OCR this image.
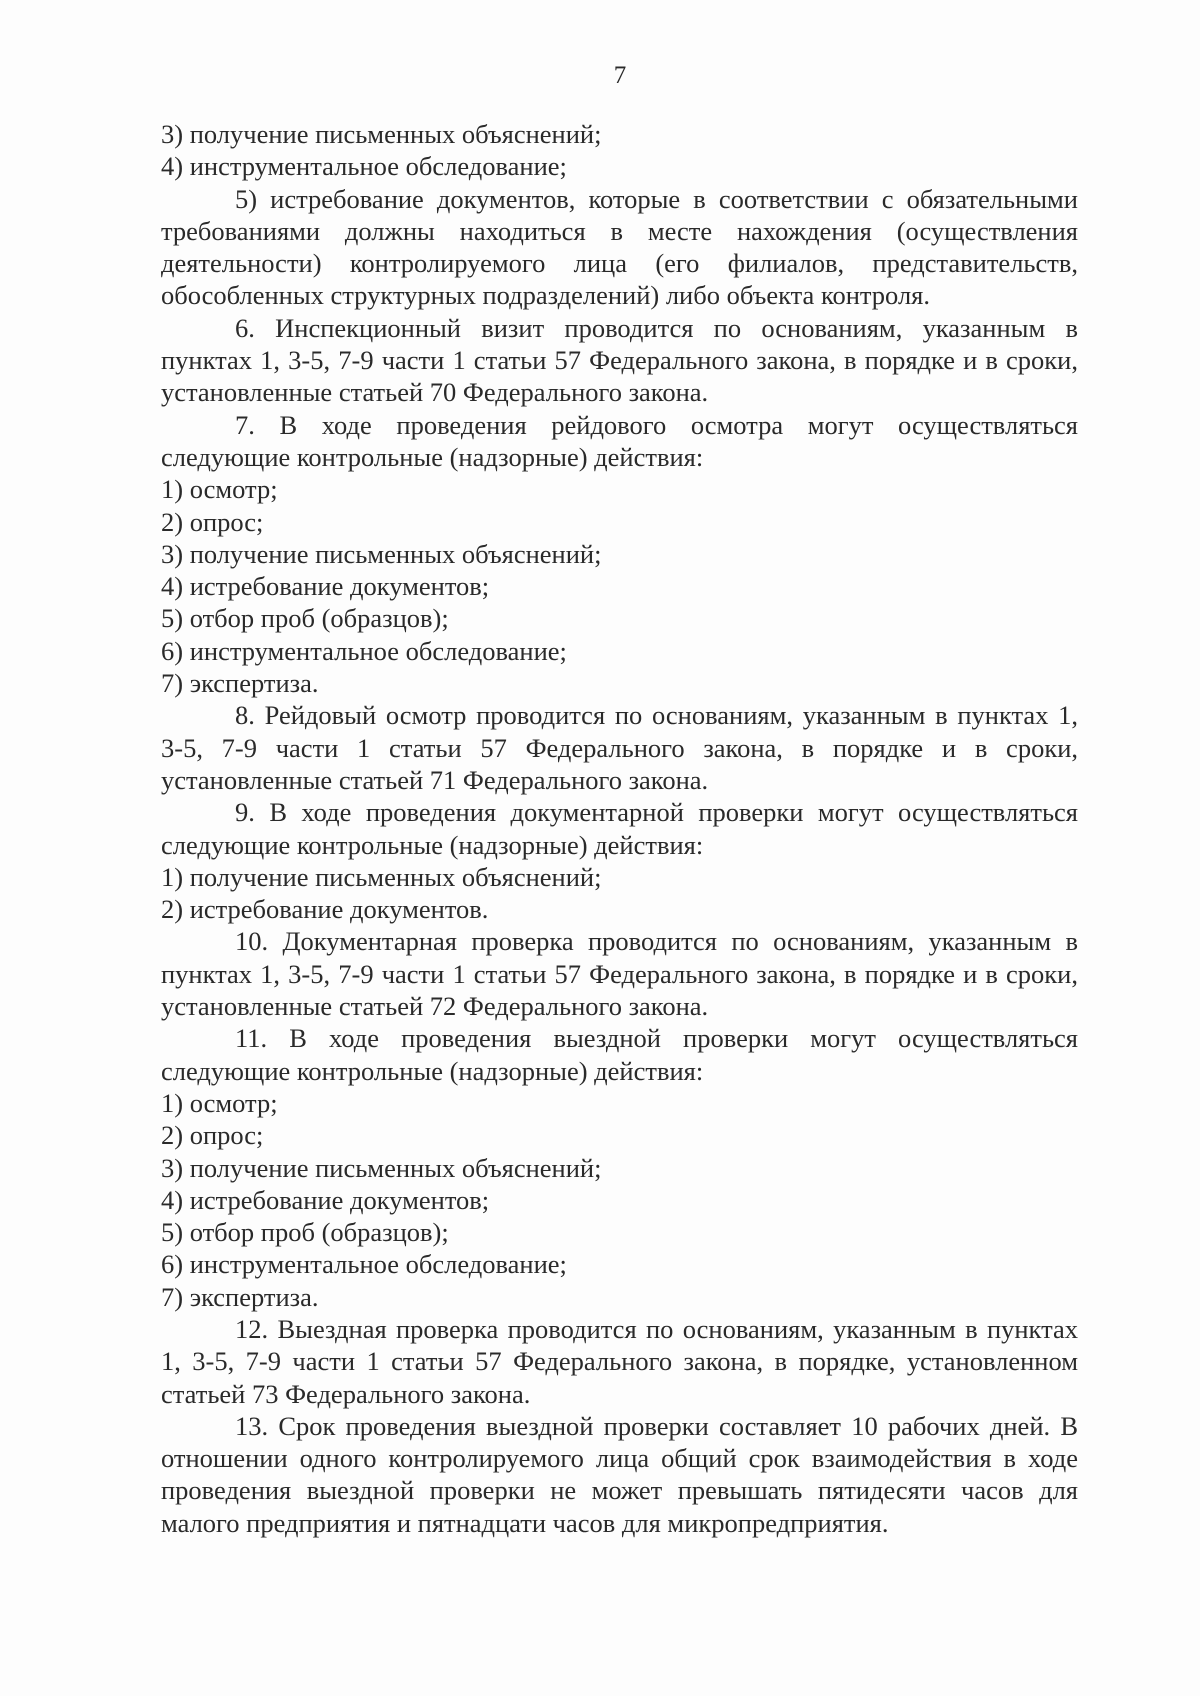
7

3) получение письменных объяснений;

4) инструментальное обследование;

5) истребование документов, которые в соответствии с обязательными требованиями должны находиться в месте нахождения (осуществления деятельности) контролируемого лица (его филиалов, представительств, обособленных структурных подразделений) либо объекта контроля.

6. Инспекционный визит проводится по основаниям, указанным в пунктах 1, 3-5, 7-9 части 1 статьи 57 Федерального закона, в порядке и в сроки, установленные статьей 70 Федерального закона.

7. В ходе проведения рейдового осмотра могут осуществляться следующие контрольные (надзорные) действия:

1) осмотр;

2) опрос;

3) получение письменных объяснений;

4) истребование документов;

5) отбор проб (образцов);

6) инструментальное обследование;

7) экспертиза.

8. Рейдовый осмотр проводится по основаниям, указанным в пунктах 1, 3-5, 7-9 части 1 статьи 57 Федерального закона, в порядке и в сроки, установленные статьей 71 Федерального закона.

9. В ходе проведения документарной проверки могут осуществляться следующие контрольные (надзорные) действия:

1) получение письменных объяснений;

2) истребование документов.

10. Документарная проверка проводится по основаниям, указанным в пунктах 1, 3-5, 7-9 части 1 статьи 57 Федерального закона, в порядке и в сроки, установленные статьей 72 Федерального закона.

11. В ходе проведения выездной проверки могут осуществляться следующие контрольные (надзорные) действия:

1) осмотр;

2) опрос;

3) получение письменных объяснений;

4) истребование документов;

5) отбор проб (образцов);

6) инструментальное обследование;

7) экспертиза.

12. Выездная проверка проводится по основаниям, указанным в пунктах 1, 3-5, 7-9 части 1 статьи 57 Федерального закона, в порядке, установленном статьей 73 Федерального закона.

13. Срок проведения выездной проверки составляет 10 рабочих дней. В отношении одного контролируемого лица общий срок взаимодействия в ходе проведения выездной проверки не может превышать пятидесяти часов для малого предприятия и пятнадцати часов для микропредприятия.
